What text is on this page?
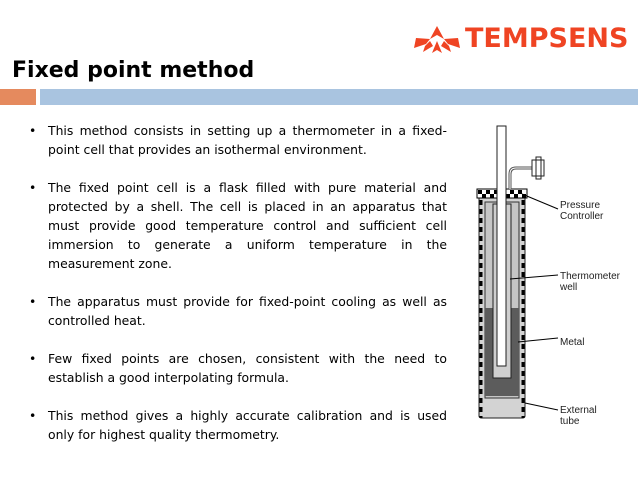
TEMPSENS
Fixed point method
• This method consists in setting up a thermometer in a fixed-point cell that provides an isothermal environment.
• The fixed point cell is a flask filled with pure material and protected by a shell. The cell is placed in an apparatus that must provide good temperature control and sufficient cell immersion to generate a uniform temperature in the measurement zone.
• The apparatus must provide for fixed-point cooling as well as controlled heat.
• Few fixed points are chosen, consistent with the need to establish a good interpolating formula.
• This method gives a highly accurate calibration and is used only for highest quality thermometry.
Pressure
Controller
Thermometer
well
Metal
External
tube
